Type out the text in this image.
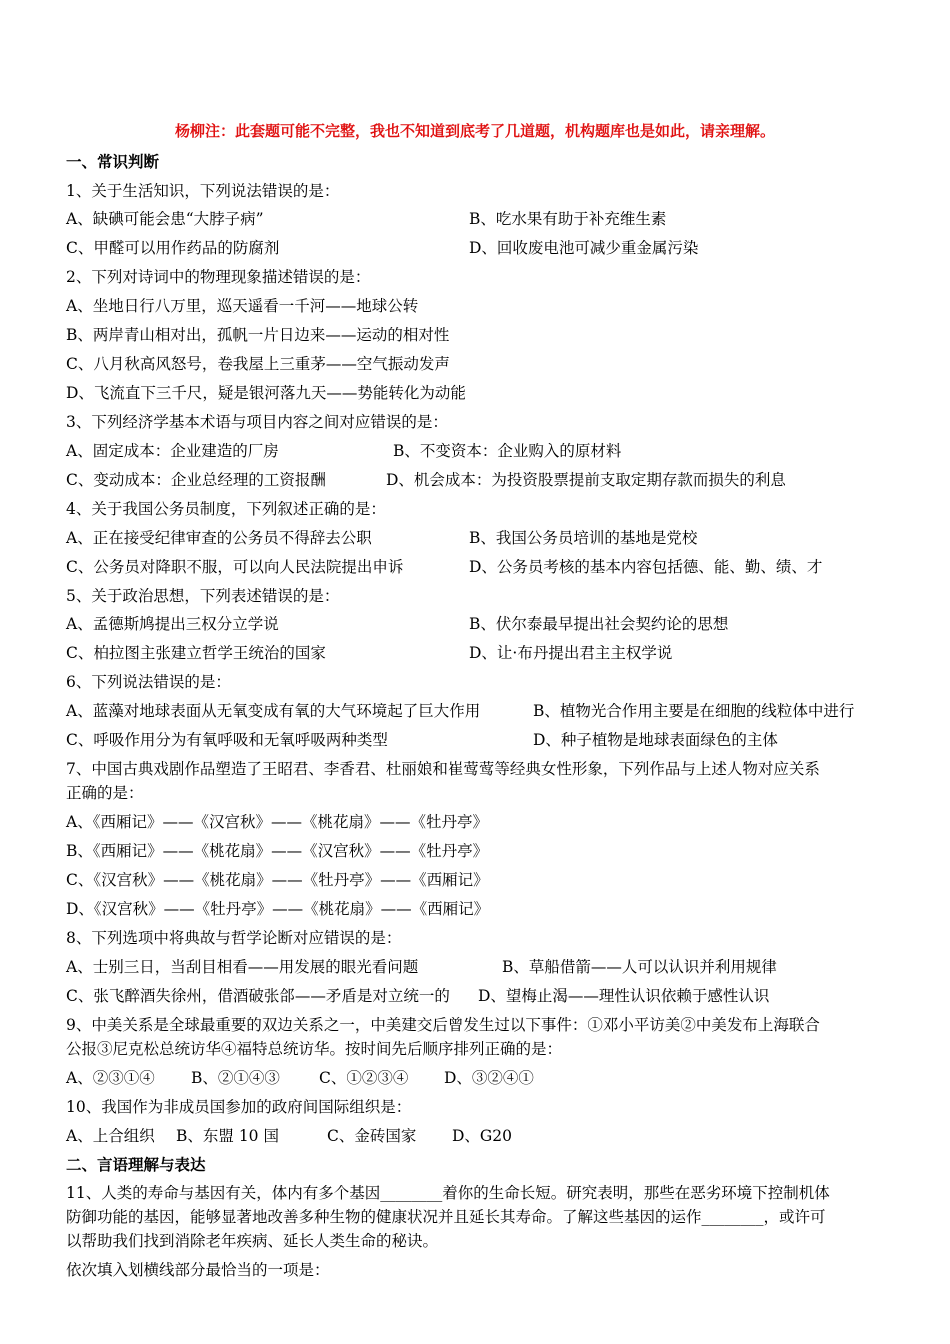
杨柳注：此套题可能不完整，我也不知道到底考了几道题，机构题库也是如此，请亲理解。
一、常识判断
1、关于生活知识，下列说法错误的是：
A、缺碘可能会患“大脖子病”	B、吃水果有助于补充维生素
C、甲醛可以用作药品的防腐剂	D、回收废电池可减少重金属污染
2、下列对诗词中的物理现象描述错误的是：
A、坐地日行八万里，巡天遥看一千河——地球公转
B、两岸青山相对出，孤帆一片日边来——运动的相对性
C、八月秋高风怒号，卷我屋上三重茅——空气振动发声
D、飞流直下三千尺，疑是银河落九天——势能转化为动能
3、下列经济学基本术语与项目内容之间对应错误的是：
A、固定成本：企业建造的厂房	B、不变资本：企业购入的原材料
C、变动成本：企业总经理的工资报酬	D、机会成本：为投资股票提前支取定期存款而损失的利息
4、关于我国公务员制度，下列叙述正确的是：
A、正在接受纪律审查的公务员不得辞去公职	B、我国公务员培训的基地是党校
C、公务员对降职不服，可以向人民法院提出申诉	D、公务员考核的基本内容包括德、能、勤、绩、才
5、关于政治思想，下列表述错误的是：
A、孟德斯鸠提出三权分立学说	B、伏尔泰最早提出社会契约论的思想
C、柏拉图主张建立哲学王统治的国家	D、让·布丹提出君主主权学说
6、下列说法错误的是：
A、蓝藻对地球表面从无氧变成有氧的大气环境起了巨大作用	B、植物光合作用主要是在细胞的线粒体中进行
C、呼吸作用分为有氧呼吸和无氧呼吸两种类型	D、种子植物是地球表面绿色的主体
7、中国古典戏剧作品塑造了王昭君、李香君、杜丽娘和崔莺莺等经典女性形象，下列作品与上述人物对应关系
正确的是：
A、《西厢记》——《汉宫秋》——《桃花扇》——《牡丹亭》
B、《西厢记》——《桃花扇》——《汉宫秋》——《牡丹亭》
C、《汉宫秋》——《桃花扇》——《牡丹亭》——《西厢记》
D、《汉宫秋》——《牡丹亭》——《桃花扇》——《西厢记》
8、下列选项中将典故与哲学论断对应错误的是：
A、士别三日，当刮目相看——用发展的眼光看问题	B、草船借箭——人可以认识并利用规律
C、张飞醉酒失徐州，借酒破张郃——矛盾是对立统一的 D、望梅止渴——理性认识依赖于感性认识
9、中美关系是全球最重要的双边关系之一，中美建交后曾发生过以下事件：①邓小平访美②中美发布上海联合
公报③尼克松总统访华④福特总统访华。按时间先后顺序排列正确的是：
A、②③①④ B、②①④③	C、①②③④ D、③②④①
10、我国作为非成员国参加的政府间国际组织是：
A、上合组织 B、东盟 10 国	C、金砖国家 D、G20
二、言语理解与表达
11、人类的寿命与基因有关，体内有多个基因________着你的生命长短。研究表明，那些在恶劣环境下控制机体
防御功能的基因，能够显著地改善多种生物的健康状况并且延长其寿命。了解这些基因的运作________，或许可
以帮助我们找到消除老年疾病、延长人类生命的秘诀。
依次填入划横线部分最恰当的一项是：
